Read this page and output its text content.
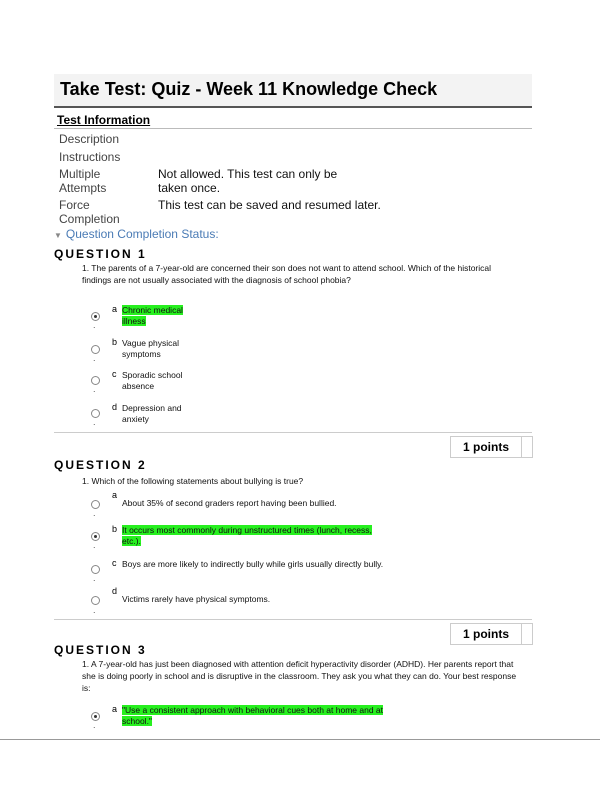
Take Test: Quiz - Week 11 Knowledge Check
Test Information
Description
Instructions
Multiple Attempts
Not allowed. This test can only be taken once.
Force Completion
This test can be saved and resumed later.
▼ Question Completion Status:
QUESTION 1
1. The parents of a 7-year-old are concerned their son does not want to attend school. Which of the historical findings are not usually associated with the diagnosis of school phobia?
.
a Chronic medical illness
.
b Vague physical symptoms
.
c Sporadic school absence
.
d Depression and anxiety
1 points
QUESTION 2
1. Which of the following statements about bullying is true?
.
a
About 35% of second graders report having been bullied.
.
b It occurs most commonly during unstructured times (lunch, recess, etc.).
.
c Boys are more likely to indirectly bully while girls usually directly bully.
.
d
Victims rarely have physical symptoms.
1 points
QUESTION 3
1. A 7-year-old has just been diagnosed with attention deficit hyperactivity disorder (ADHD). Her parents report that she is doing poorly in school and is disruptive in the classroom. They ask you what they can do. Your best response is:
.
a "Use a consistent approach with behavioral cues both at home and at school."
